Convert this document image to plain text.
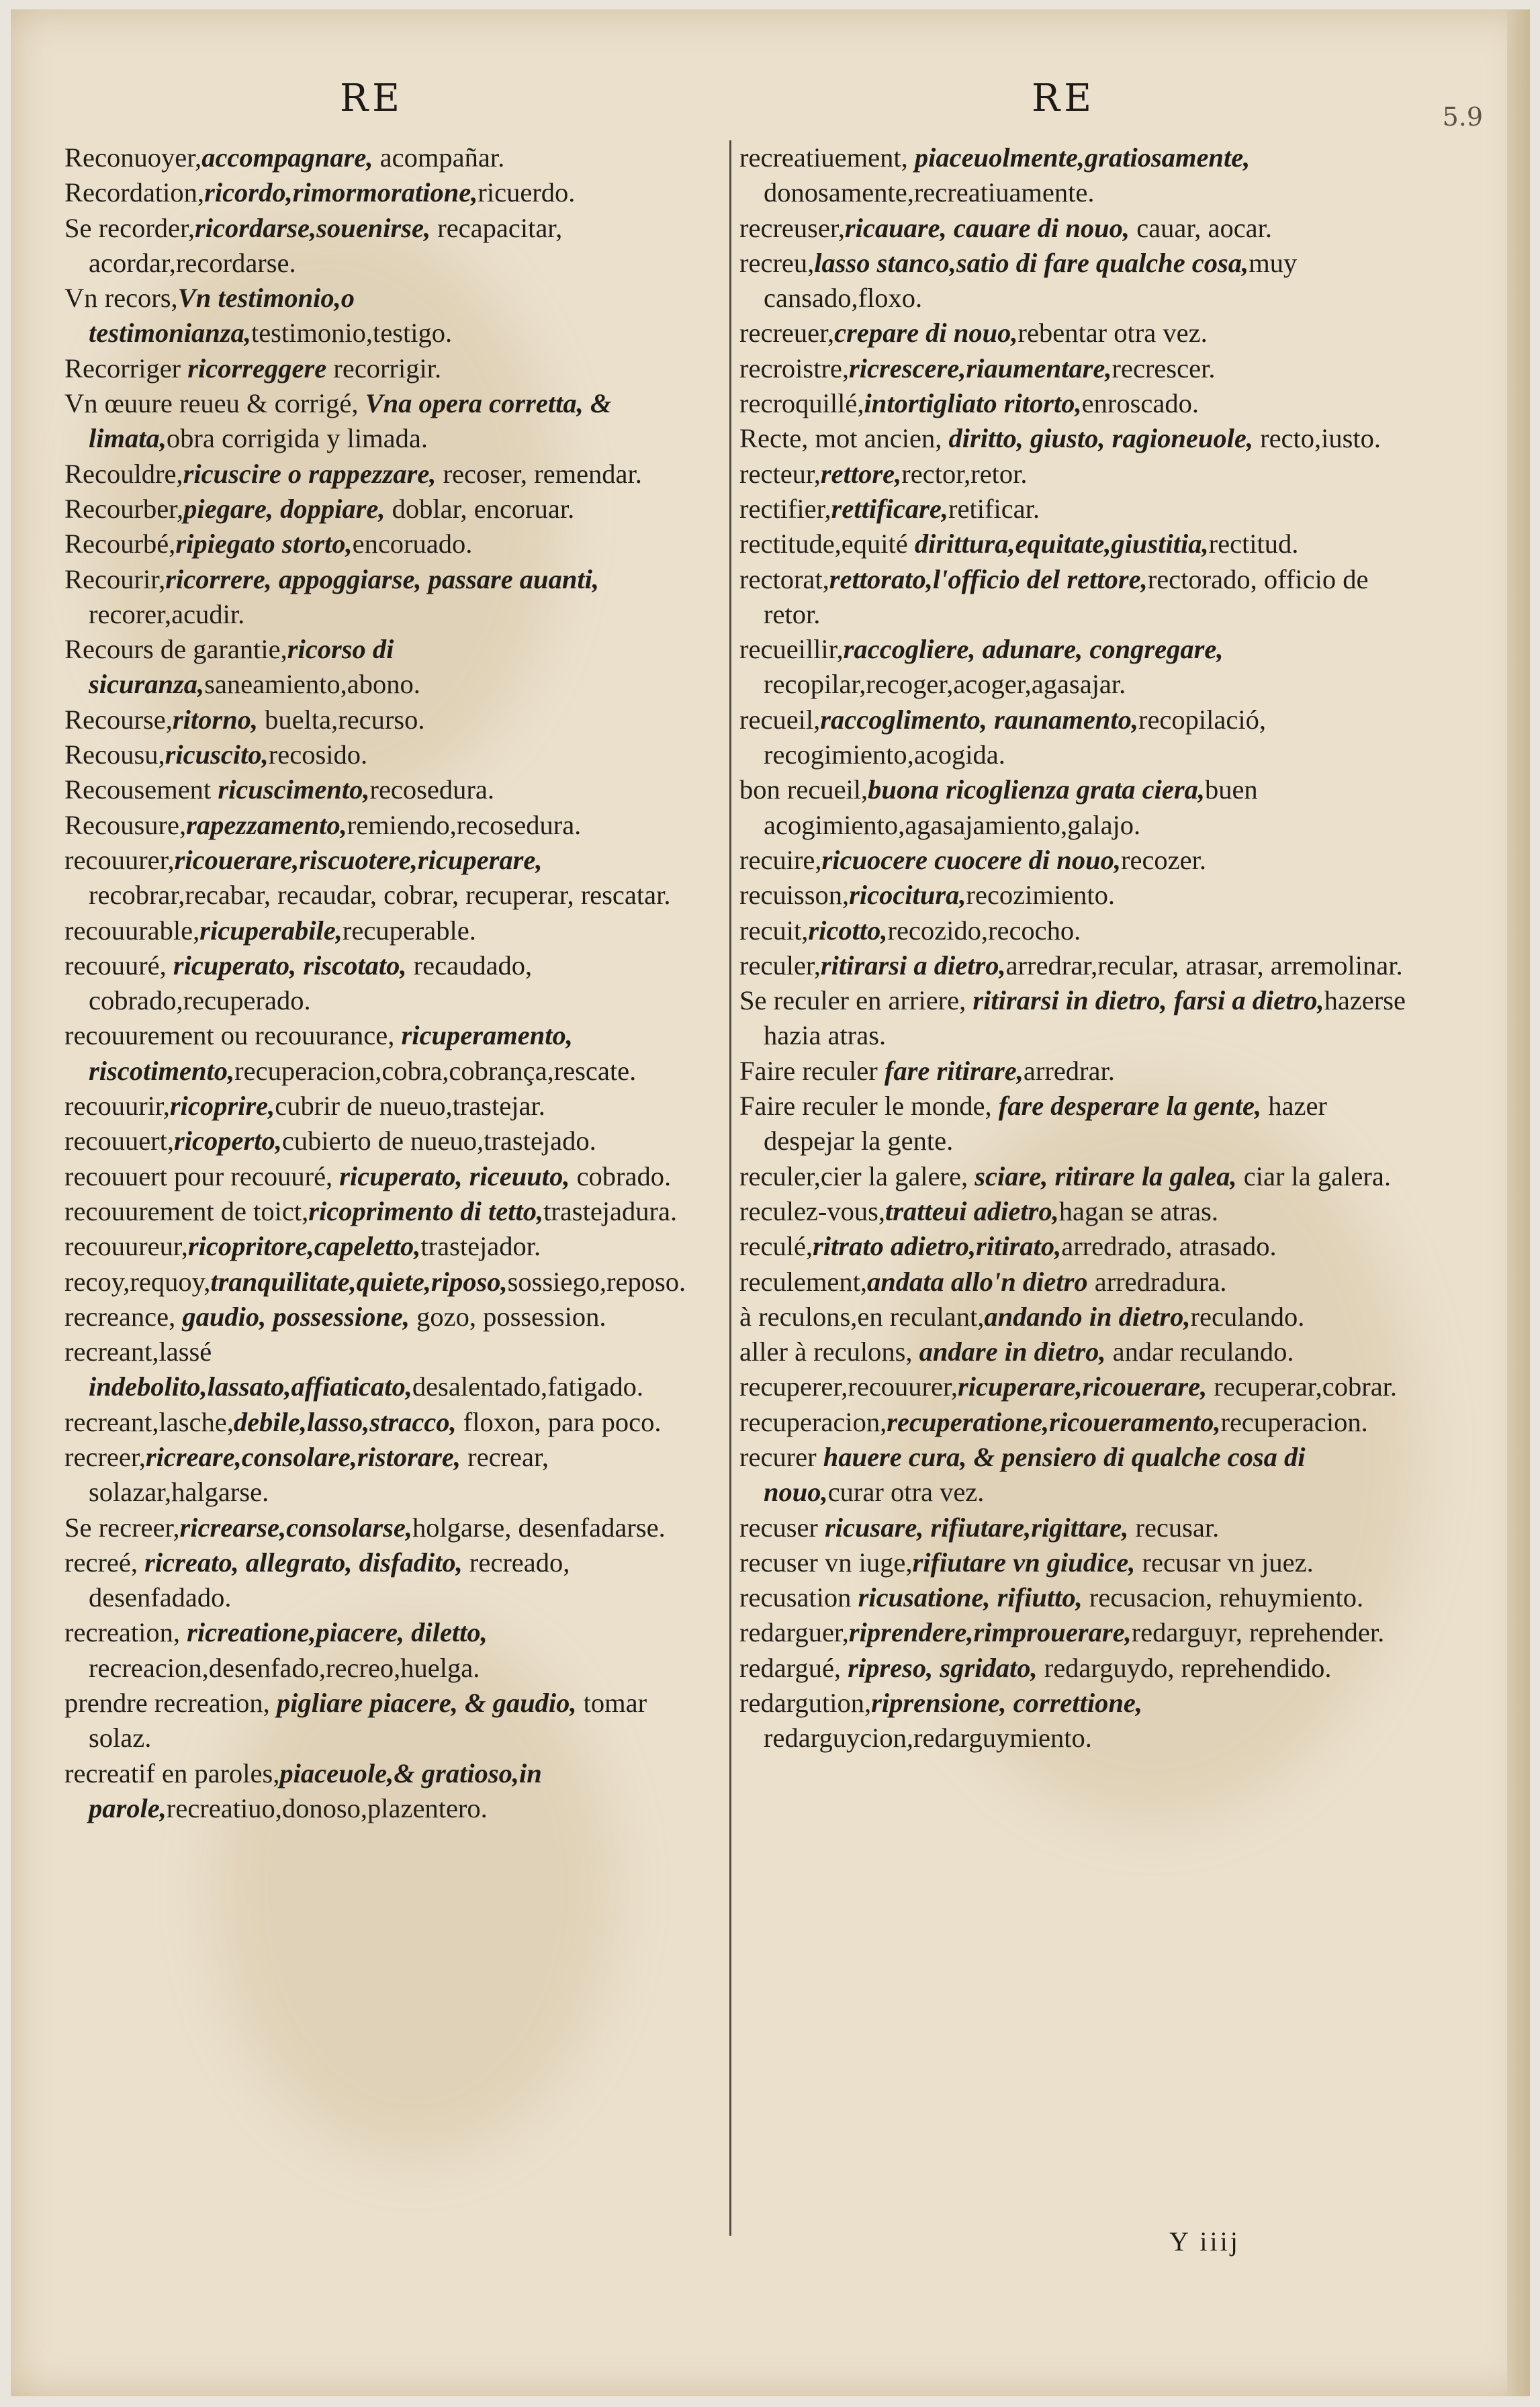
RE	RE	5.9

Reconuoyer,accompagnare, acompañar.

Recordation,ricordo,rimormoratione,ricuerdo.

Se recorder,ricordarse,souenirse, recapacitar, acordar,recordarse.

Vn recors,Vn testimonio,o testimonianza,testimonio,testigo.

Recorriger ricorreggere recorrigir.

Vn œuure reueu & corrigé, Vna opera corretta, & limata,obra corrigida y limada.

Recouldre,ricuscire o rappezzare, recoser, remendar.

Recourber,piegare, doppiare, doblar, encoruar.

Recourbé,ripiegato storto,encoruado.

Recourir,ricorrere, appoggiarse, passare auanti, recorer,acudir.

Recours de garantie,ricorso di sicuranza,saneamiento,abono.

Recourse,ritorno, buelta,recurso.

Recousu,ricuscito,recosido.

Recousement ricuscimento,recosedura.

Recousure,rapezzamento,remiendo,recosedura.

recouurer,ricouerare,riscuotere,ricuperare, recobrar,recabar, recaudar, cobrar, recuperar, rescatar.

recouurable,ricuperabile,recuperable.

recouuré, ricuperato, riscotato, recaudado, cobrado,recuperado.

recouurement ou recouurance, ricuperamento, riscotimento,recuperacion,cobra,cobrança,rescate.

recouurir,ricoprire,cubrir de nueuo,trastejar.

recouuert,ricoperto,cubierto de nueuo,trastejado.

recouuert pour recouuré, ricuperato, riceuuto, cobrado.

recouurement de toict,ricoprimento di tetto,trastejadura.

recouureur,ricopritore,capeletto,trastejador.

recoy,requoy,tranquilitate,quiete,riposo,sossiego,reposo.

recreance, gaudio, possessione, gozo, possession.

recreant,lassé indebolito,lassato,affiaticato,desalentado,fatigado.

recreant,lasche,debile,lasso,stracco, floxon, para poco.

recreer,ricreare,consolare,ristorare, recrear, solazar,halgarse.

Se recreer,ricrearse,consolarse,holgarse, desenfadarse.

recreé, ricreato, allegrato, disfadito, recreado, desenfadado.

recreation, ricreatione,piacere, diletto, recreacion,desenfado,recreo,huelga.

prendre recreation, pigliare piacere, & gaudio, tomar solaz.

recreatif en paroles,piaceuole,& gratioso,in parole,recreatiuo,donoso,plazentero.

recreatiuement, piaceuolmente,gratiosamente, donosamente,recreatiuamente.

recreuser,ricauare, cauare di nouo, cauar, aocar.

recreu,lasso stanco,satio di fare qualche cosa,muy cansado,floxo.

recreuer,crepare di nouo,rebentar otra vez.

recroistre,ricrescere,riaumentare,recrescer.

recroquillé,intortigliato ritorto,enroscado.

Recte, mot ancien, diritto, giusto, ragioneuole, recto,iusto.

recteur,rettore,rector,retor.

rectifier,rettificare,retificar.

rectitude,equité dirittura,equitate,giustitia,rectitud.

rectorat,rettorato,l'officio del rettore,rectorado, officio de retor.

recueillir,raccogliere, adunare, congregare, recopilar,recoger,acoger,agasajar.

recueil,raccoglimento, raunamento,recopilació, recogimiento,acogida.

bon recueil,buona ricoglienza grata ciera,buen acogimiento,agasajamiento,galajo.

recuire,ricuocere cuocere di nouo,recozer.

recuisson,ricocitura,recozimiento.

recuit,ricotto,recozido,recocho.

reculer,ritirarsi a dietro,arredrar,recular, atrasar, arremolinar.

Se reculer en arriere, ritirarsi in dietro, farsi a dietro,hazerse hazia atras.

Faire reculer fare ritirare,arredrar.

Faire reculer le monde, fare desperare la gente, hazer despejar la gente.

reculer,cier la galere, sciare, ritirare la galea, ciar la galera.

reculez-vous,tratteui adietro,hagan se atras.

reculé,ritrato adietro,ritirato,arredrado, atrasado.

reculement,andata allo'n dietro arredradura.

à reculons,en reculant,andando in dietro,reculando.

aller à reculons, andare in dietro, andar reculando.

recuperer,recouurer,ricuperare,ricouerare, recuperar,cobrar.

recuperacion,recuperatione,ricoueramento,recuperacion.

recurer hauere cura, & pensiero di qualche cosa di nouo,curar otra vez.

recuser ricusare, rifiutare,rigittare, recusar.

recuser vn iuge,rifiutare vn giudice, recusar vn juez.

recusation ricusatione, rifiutto, recusacion, rehuymiento.

redarguer,riprendere,rimprouerare,redarguyr, reprehender.

redargué, ripreso, sgridato, redarguydo, reprehendido.

redargution,riprensione, correttione, redarguycion,redarguymiento.

Y iiij
